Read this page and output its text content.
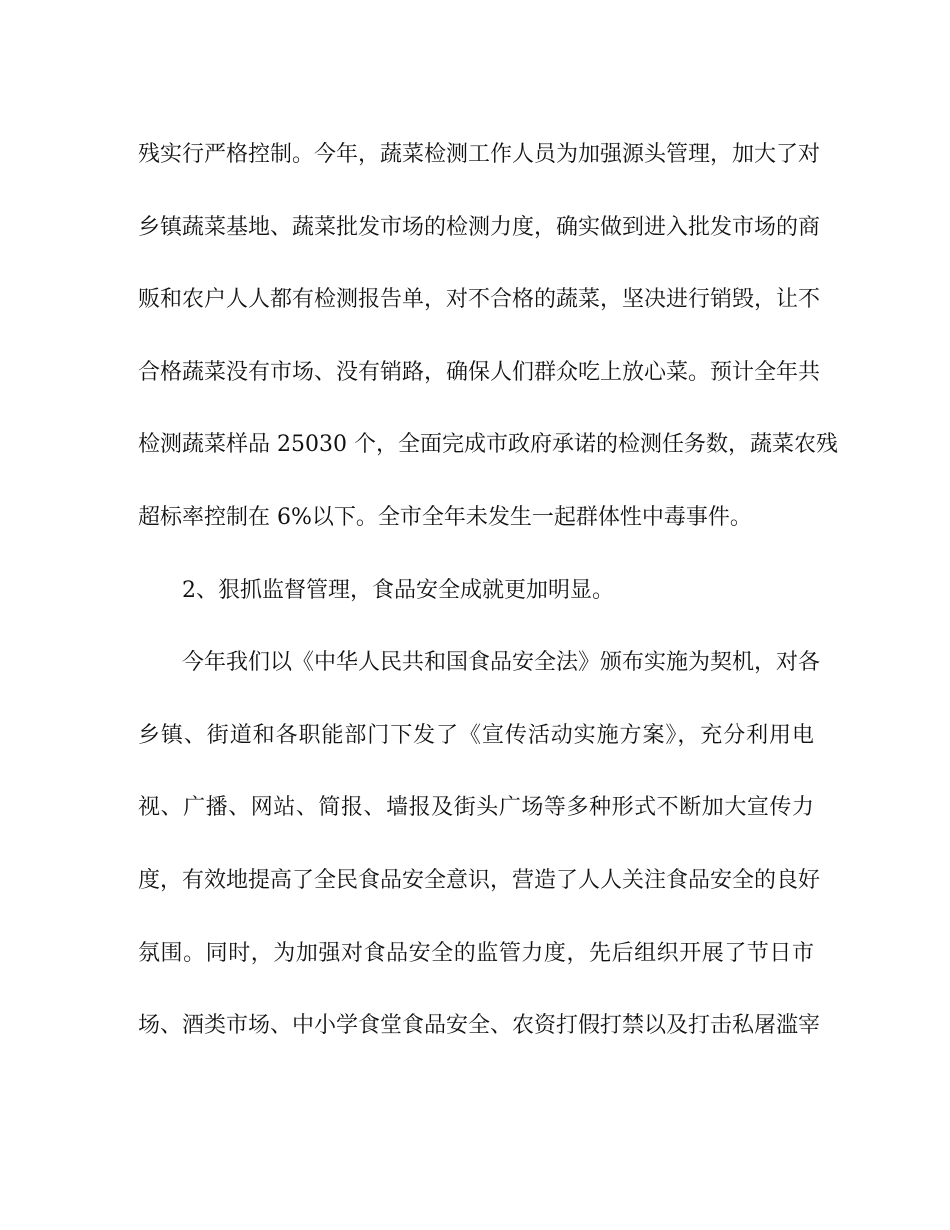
残实行严格控制。今年，蔬菜检测工作人员为加强源头管理，加大了对
乡镇蔬菜基地、蔬菜批发市场的检测力度，确实做到进入批发市场的商
贩和农户人人都有检测报告单，对不合格的蔬菜，坚决进行销毁，让不
合格蔬菜没有市场、没有销路，确保人们群众吃上放心菜。预计全年共
检测蔬菜样品 25030 个，全面完成市政府承诺的检测任务数，蔬菜农残
超标率控制在 6%以下。全市全年未发生一起群体性中毒事件。
2、狠抓监督管理，食品安全成就更加明显。
今年我们以《中华人民共和国食品安全法》颁布实施为契机，对各
乡镇、街道和各职能部门下发了《宣传活动实施方案》，充分利用电
视、广播、网站、简报、墙报及街头广场等多种形式不断加大宣传力
度，有效地提高了全民食品安全意识，营造了人人关注食品安全的良好
氛围。同时，为加强对食品安全的监管力度，先后组织开展了节日市
场、酒类市场、中小学食堂食品安全、农资打假打禁以及打击私屠滥宰
